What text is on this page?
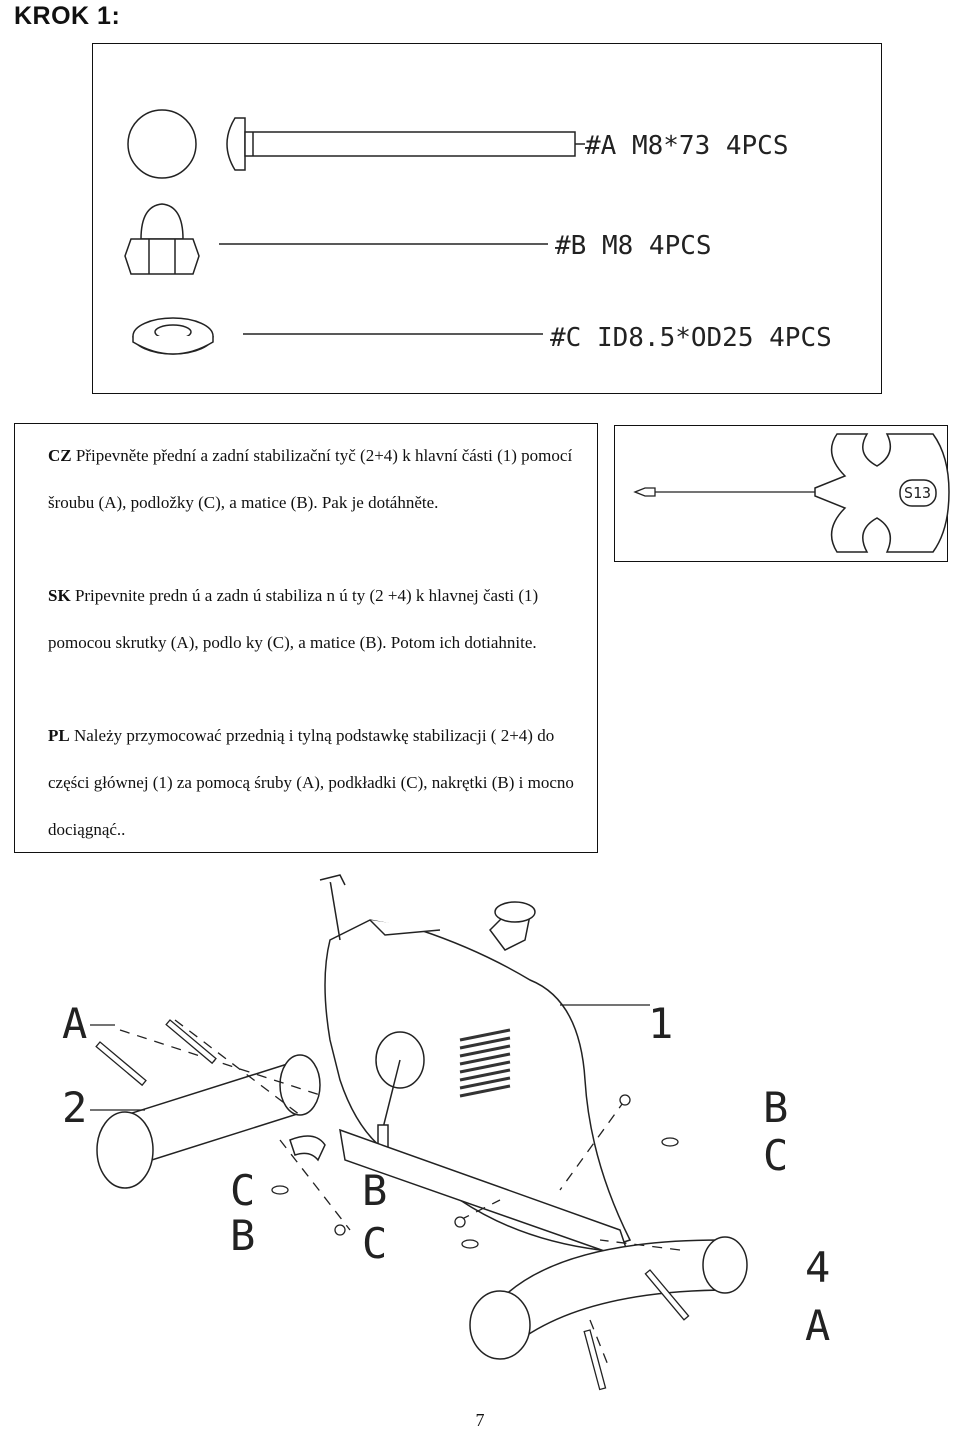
KROK 1:
#A M8*73 4PCS
#B M8 4PCS
#C ID8.5*OD25 4PCS

CZ Připevněte přední a zadní stabilizační tyč (2+4) k hlavní části (1) pomocí šroubu (A), podložky (C), a matice (B). Pak je dotáhněte.

SK Pripevnite predn ú a zadn ú stabiliza n ú ty (2 +4) k hlavnej časti (1) pomocou skrutky (A), podlo ky (C), a matice (B). Potom ich dotiahnite.

PL Należy przymocować przednią i tylną podstawkę stabilizacji ( 2+4) do części głównej (1) za pomocą śruby (A), podkładki (C), nakrętki (B) i mocno dociągnąć..

S13
A
2
1
B
C
C
B
B
C	4
A
7
